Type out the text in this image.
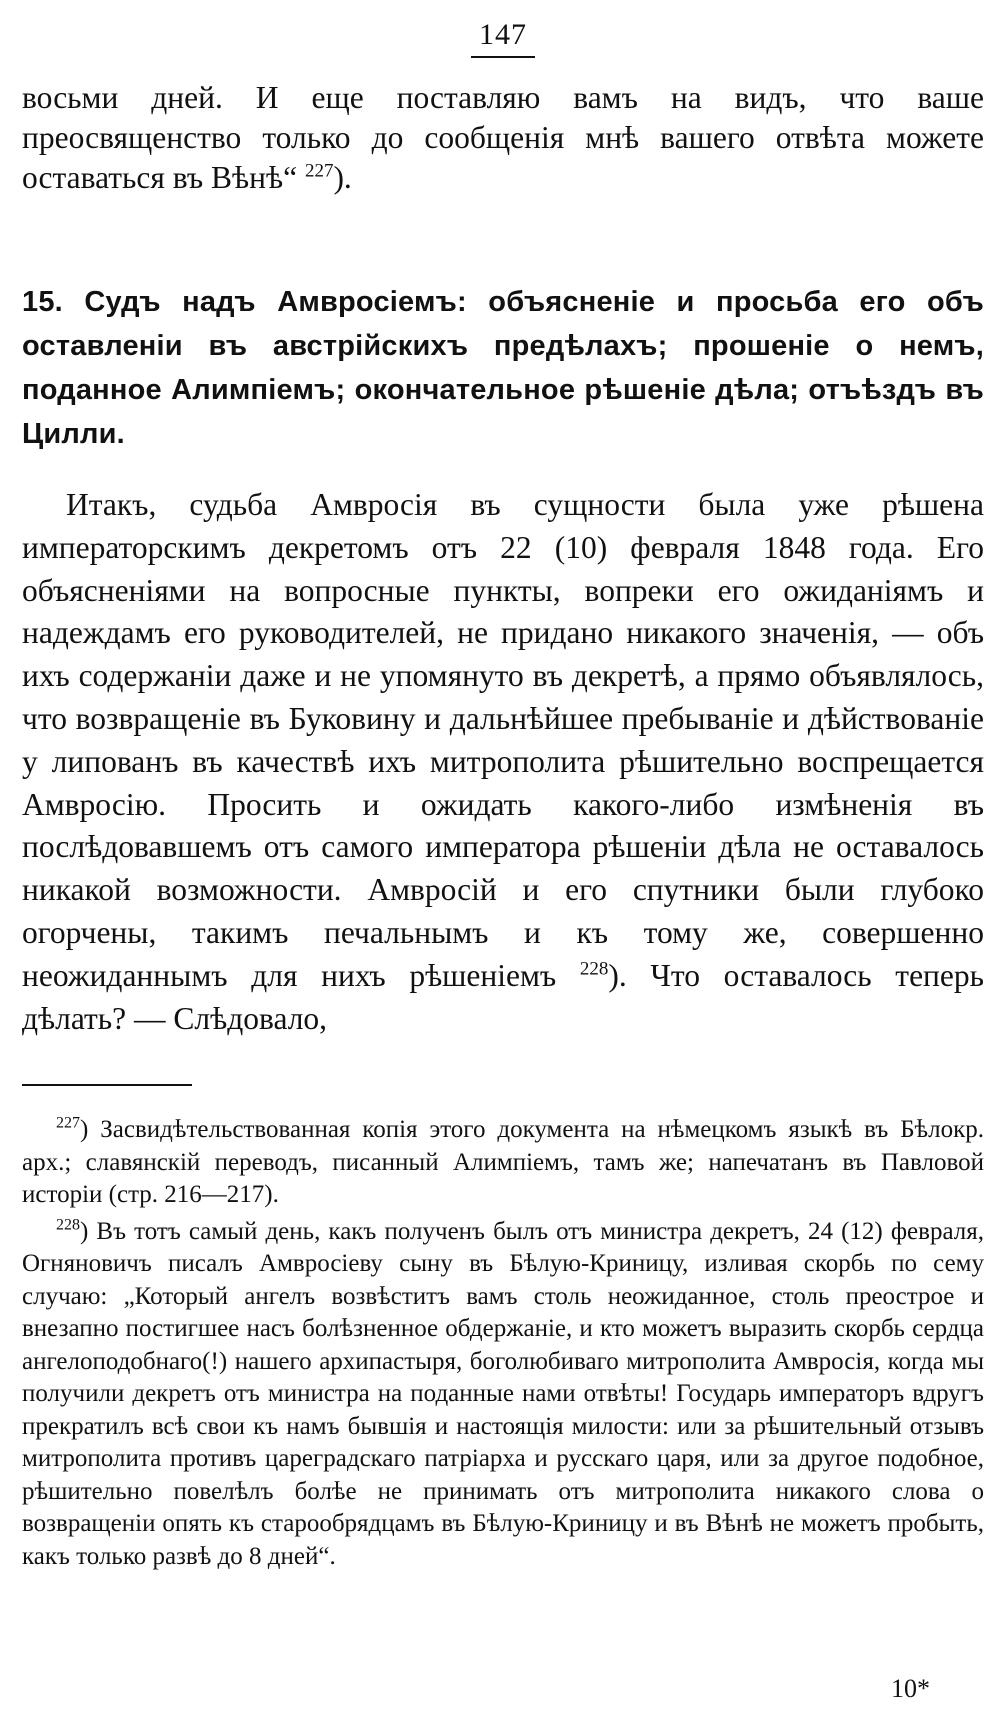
147

восьми дней. И еще поставляю вамъ на видъ, что ваше преосвященство только до сообщенія мнѣ вашего отвѣта можете оставаться въ Вѣнѣ“ $^{227}$).

15. Судъ надъ Амвросіемъ: объясненіе и просьба его объ оставленіи въ австрійскихъ предѣлахъ; прошеніе о немъ, поданное Алимпіемъ; окончательное рѣшеніе дѣла; отъѣздъ въ Цилли.

Итакъ, судьба Амвросія въ сущности была уже рѣшена императорскимъ декретомъ отъ 22 (10) февраля 1848 года. Его объясненіями на вопросные пункты, вопреки его ожиданіямъ и надеждамъ его руководителей, не придано никакого значенія, — объ ихъ содержаніи даже и не упомянуто въ декретѣ, а прямо объявлялось, что возвращеніе въ Буковину и дальнѣйшее пребываніе и дѣйствованіе у липованъ въ качествѣ ихъ митрополита рѣшительно воспрещается Амвросію. Просить и ожидать какого-либо измѣненія въ послѣдовавшемъ отъ самого императора рѣшеніи дѣла не оставалось никакой возможности. Амвросій и его спутники были глубоко огорчены, такимъ печальнымъ и къ тому же, совершенно неожиданнымъ для нихъ рѣшеніемъ $^{228}$). Что оставалось теперь дѣлать? — Слѣдовало,

$^{227}$) Засвидѣтельствованная копія этого документа на нѣмецкомъ языкѣ въ Бѣлокр. арх.; славянскій переводъ, писанный Алимпіемъ, тамъ же; напечатанъ въ Павловой исторіи (стр. 216—217).

$^{228}$) Въ тотъ самый день, какъ полученъ былъ отъ министра декретъ, 24 (12) февраля, Огняновичъ писалъ Амвросіеву сыну въ Бѣлую-Криницу, изливая скорбь по сему случаю: „Который ангелъ возвѣститъ вамъ столь неожиданное, столь преострое и внезапно постигшее насъ болѣзненное обдержаніе, и кто можетъ выразить скорбь сердца ангелоподобнаго(!) нашего архипастыря, боголюбиваго митрополита Амвросія, когда мы получили декретъ отъ министра на поданные нами отвѣты! Государь императоръ вдругъ прекратилъ всѣ свои къ намъ бывшія и настоящія милости: или за рѣшительный отзывъ митрополита противъ цареградскаго патріарха и русскаго царя, или за другое подобное, рѣшительно повелѣлъ болѣе не принимать отъ митрополита никакого слова о возвращеніи опять къ старообрядцамъ въ Бѣлую-Криницу и въ Вѣнѣ не можетъ пробыть, какъ только развѣ до 8 дней“.

10*
